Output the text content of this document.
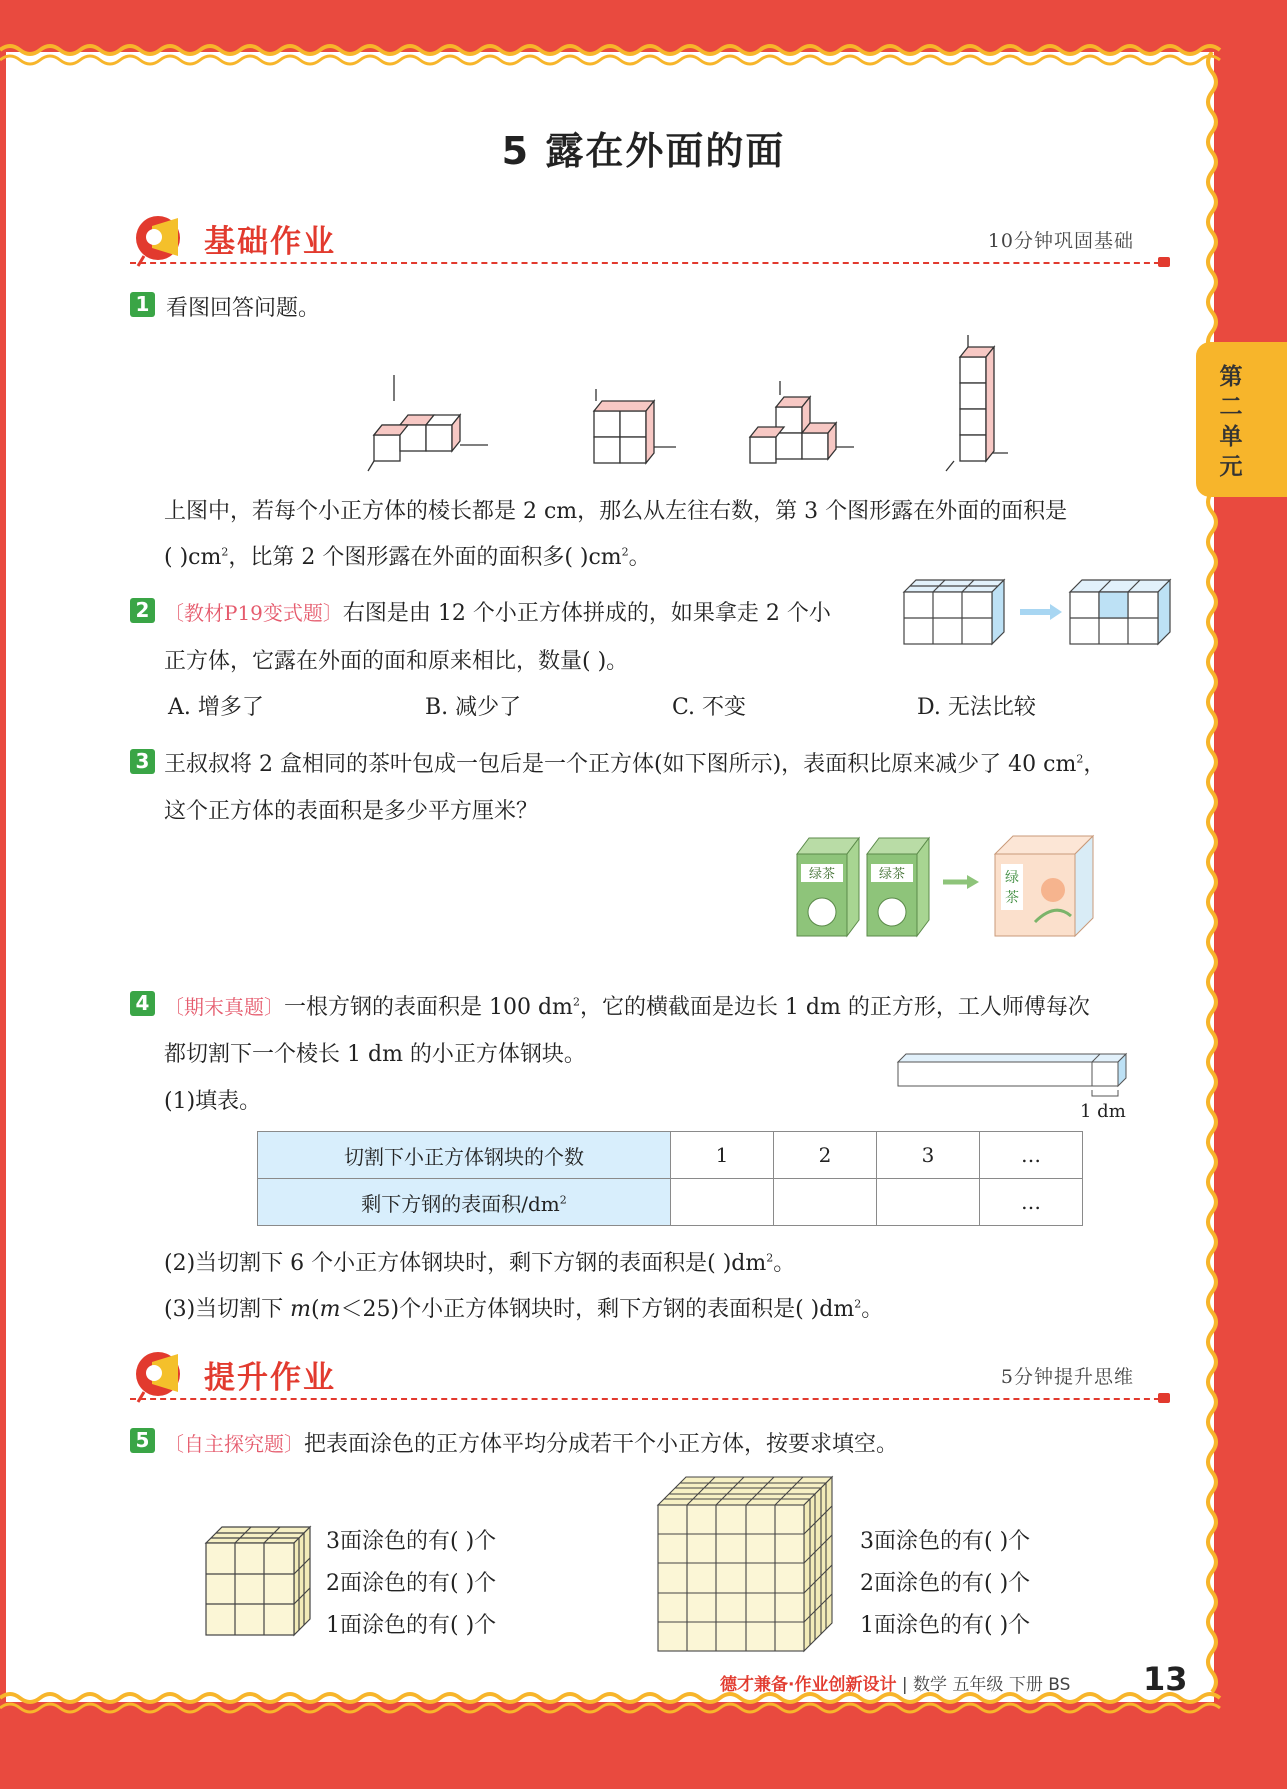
第
二
单
元
5 露在外面的面
基础作业	10分钟巩固基础
1 看图回答问题。
上图中，若每个小正方体的棱长都是 2 cm，那么从左往右数，第 3 个图形露在外面的面积是
( )$cm^2$，比第 2 个图形露在外面的面积多( )$cm^2$。
2 〔教材P19变式题〕右图是由 12 个小正方体拼成的，如果拿走 2 个小
正方体，它露在外面的面和原来相比，数量( )。
A. 增多了	B. 减少了	C. 不变	D. 无法比较
3 王叔叔将 2 盒相同的茶叶包成一包后是一个正方体(如下图所示)，表面积比原来减少了 40 $cm^2$，
这个正方体的表面积是多少平方厘米？
绿茶	绿茶	绿
茶
4 〔期末真题〕一根方钢的表面积是 100 $dm^2$，它的横截面是边长 1 dm 的正方形，工人师傅每次
都切割下一个棱长 1 dm 的小正方体钢块。
(1)填表。	1 dm
切割下小正方体钢块的个数	1	2	3	…
剩下方钢的表面积$/dm^2$				…
(2)当切割下 6 个小正方体钢块时，剩下方钢的表面积是( )$dm^2$。
(3)当切割下 m(m＜25)个小正方体钢块时，剩下方钢的表面积是( )$dm^2$。
提升作业	5分钟提升思维
5 〔自主探究题〕把表面涂色的正方体平均分成若干个小正方体，按要求填空。
3面涂色的有( )个
2面涂色的有( )个
1面涂色的有( )个
3面涂色的有( )个
2面涂色的有( )个
1面涂色的有( )个
德才兼备·作业创新设计 | 数学 五年级 下册 BS 13
